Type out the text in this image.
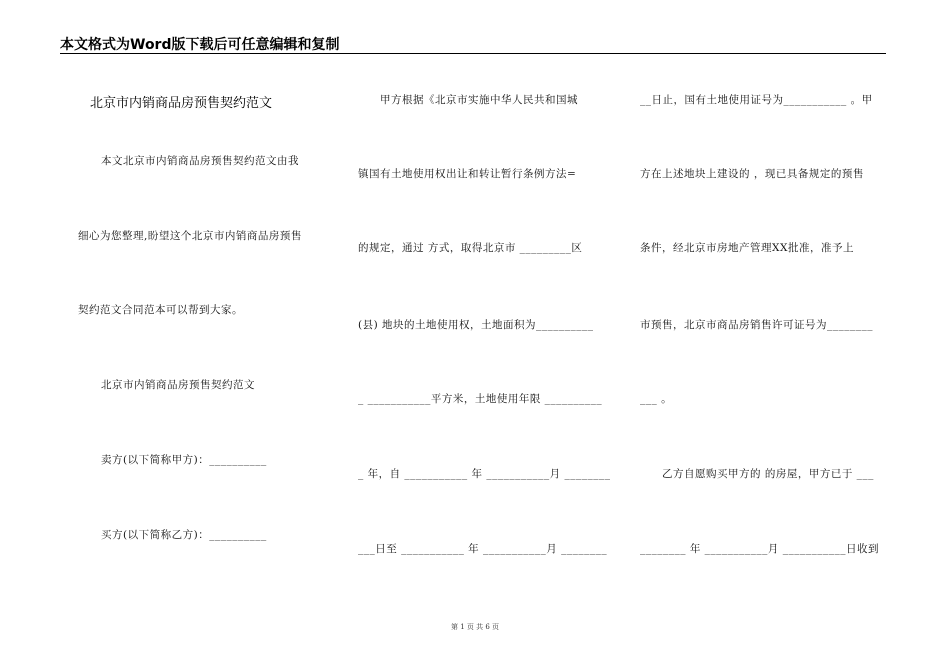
本文格式为Word版下载后可任意编辑和复制
北京市内销商品房预售契约范文
本文北京市内销商品房预售契约范文由我
细心为您整理,盼望这个北京市内销商品房预售
契约范文合同范本可以帮到大家。
北京市内销商品房预售契约范文
卖方(以下简称甲方)：__________
买方(以下简称乙方)：__________
甲方根据《北京市实施中华人民共和国城
镇国有土地使用权出让和转让暂行条例方法=
的规定，通过 方式，取得北京市 _________区
(县) 地块的土地使用权，土地面积为__________
_ ___________平方米，土地使用年限 __________
_ 年，自 ___________ 年 ___________月 ________
___日至 ___________ 年 ___________月 ________
__日止，国有土地使用证号为___________ 。甲
方在上述地块上建设的 ，现已具备规定的预售
条件，经北京市房地产管理XX批准，准予上
市预售，北京市商品房销售许可证号为________
___ 。
乙方自愿购买甲方的 的房屋，甲方已于 ___
________ 年 ___________月 ___________日收到
第 1 页 共 6 页
